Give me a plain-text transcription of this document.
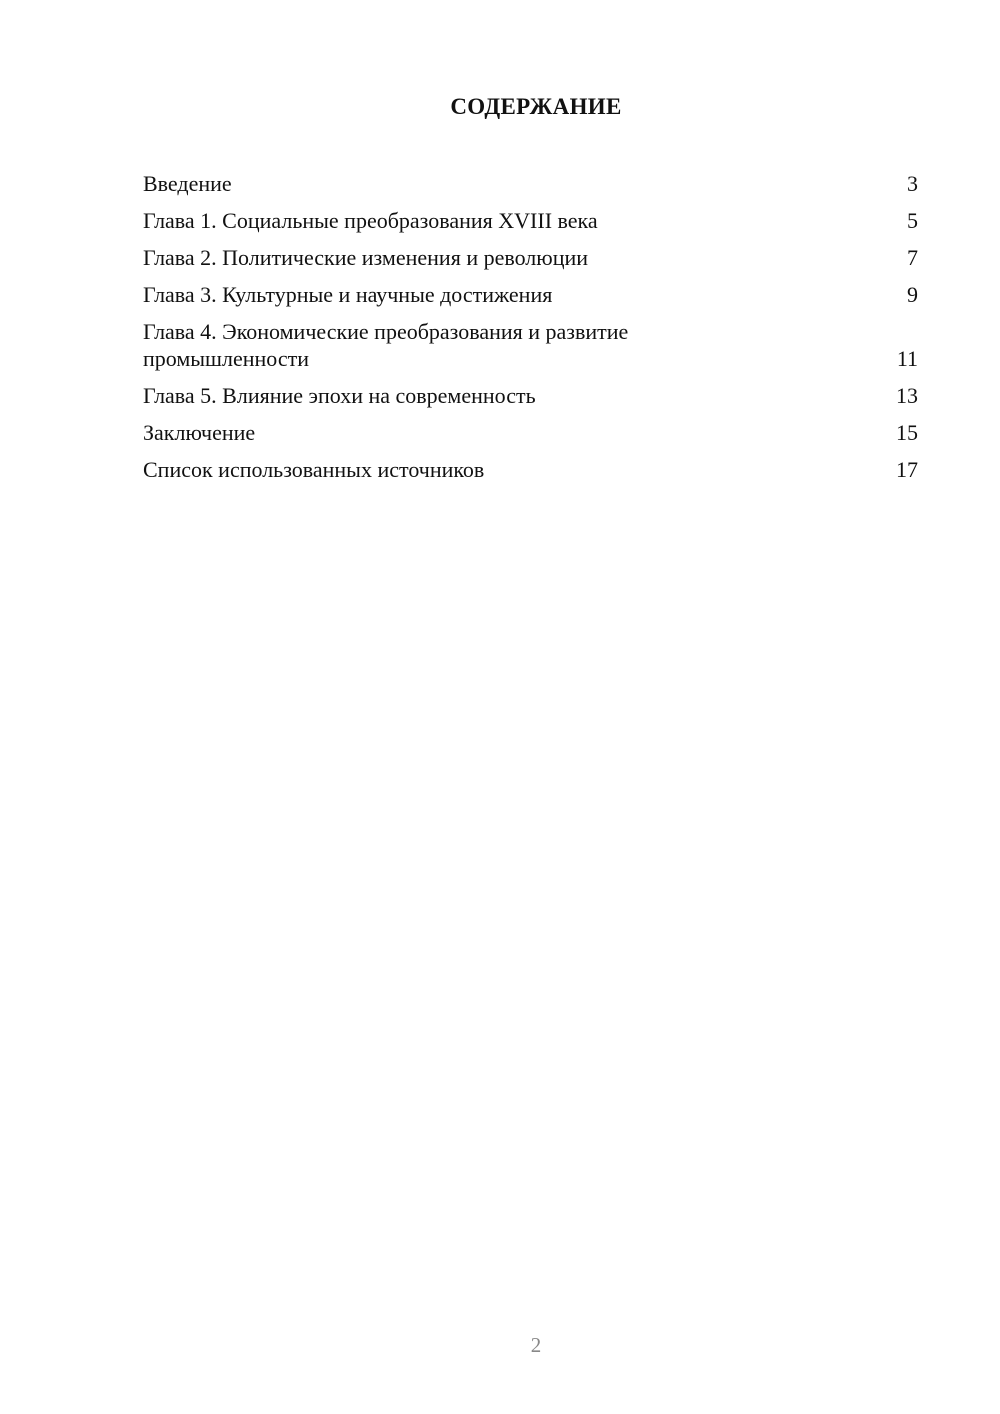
СОДЕРЖАНИЕ
Введение	3
Глава 1. Социальные преобразования XVIII века	5
Глава 2. Политические изменения и революции	7
Глава 3. Культурные и научные достижения	9
Глава 4. Экономические преобразования и развитие промышленности	11
Глава 5. Влияние эпохи на современность	13
Заключение	15
Список использованных источников	17
2
